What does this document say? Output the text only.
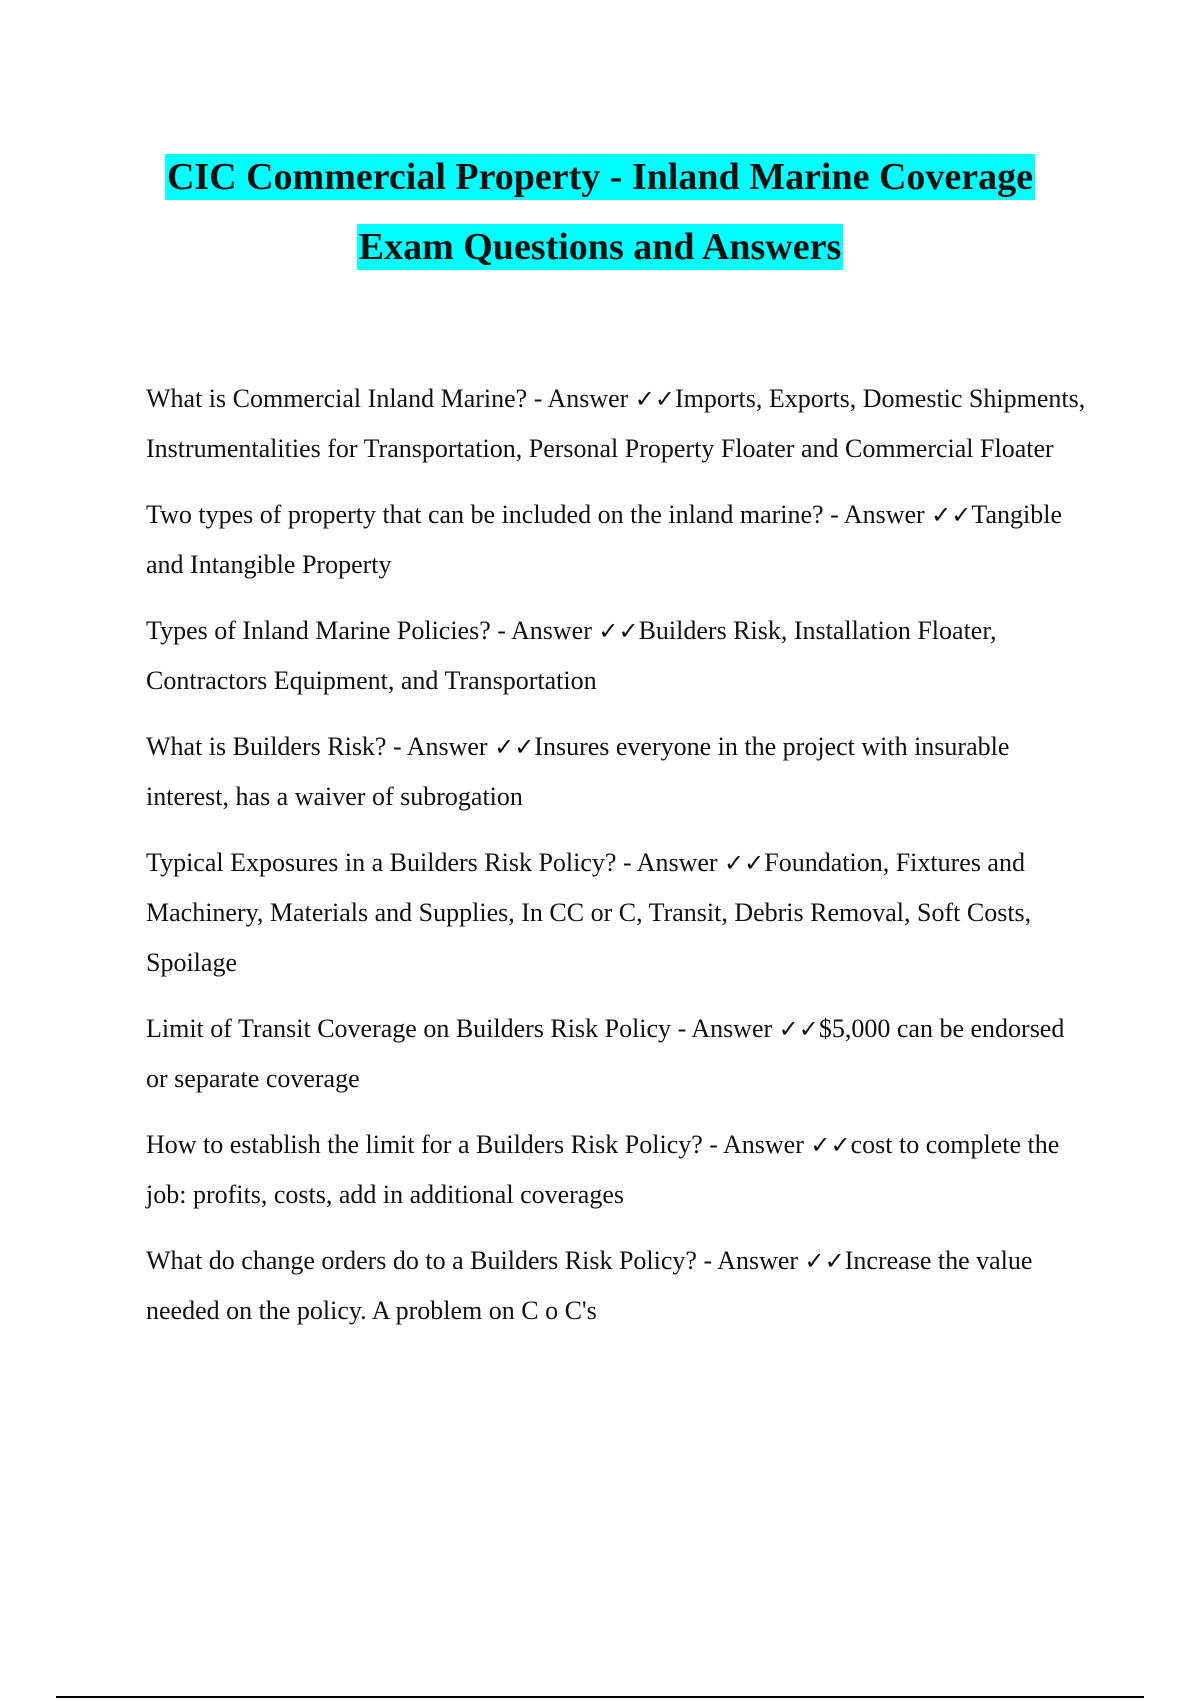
CIC Commercial Property - Inland Marine Coverage

Exam Questions and Answers

What is Commercial Inland Marine? - Answer ✓✓Imports, Exports, Domestic Shipments, Instrumentalities for Transportation, Personal Property Floater and Commercial Floater
Two types of property that can be included on the inland marine? - Answer ✓✓Tangible and Intangible Property
Types of Inland Marine Policies? - Answer ✓✓Builders Risk, Installation Floater, Contractors Equipment, and Transportation
What is Builders Risk? - Answer ✓✓Insures everyone in the project with insurable interest, has a waiver of subrogation
Typical Exposures in a Builders Risk Policy? - Answer ✓✓Foundation, Fixtures and Machinery, Materials and Supplies, In CC or C, Transit, Debris Removal, Soft Costs, Spoilage
Limit of Transit Coverage on Builders Risk Policy - Answer ✓✓$5,000 can be endorsed or separate coverage
How to establish the limit for a Builders Risk Policy? - Answer ✓✓cost to complete the job: profits, costs, add in additional coverages
What do change orders do to a Builders Risk Policy? - Answer ✓✓Increase the value needed on the policy. A problem on C o C's
